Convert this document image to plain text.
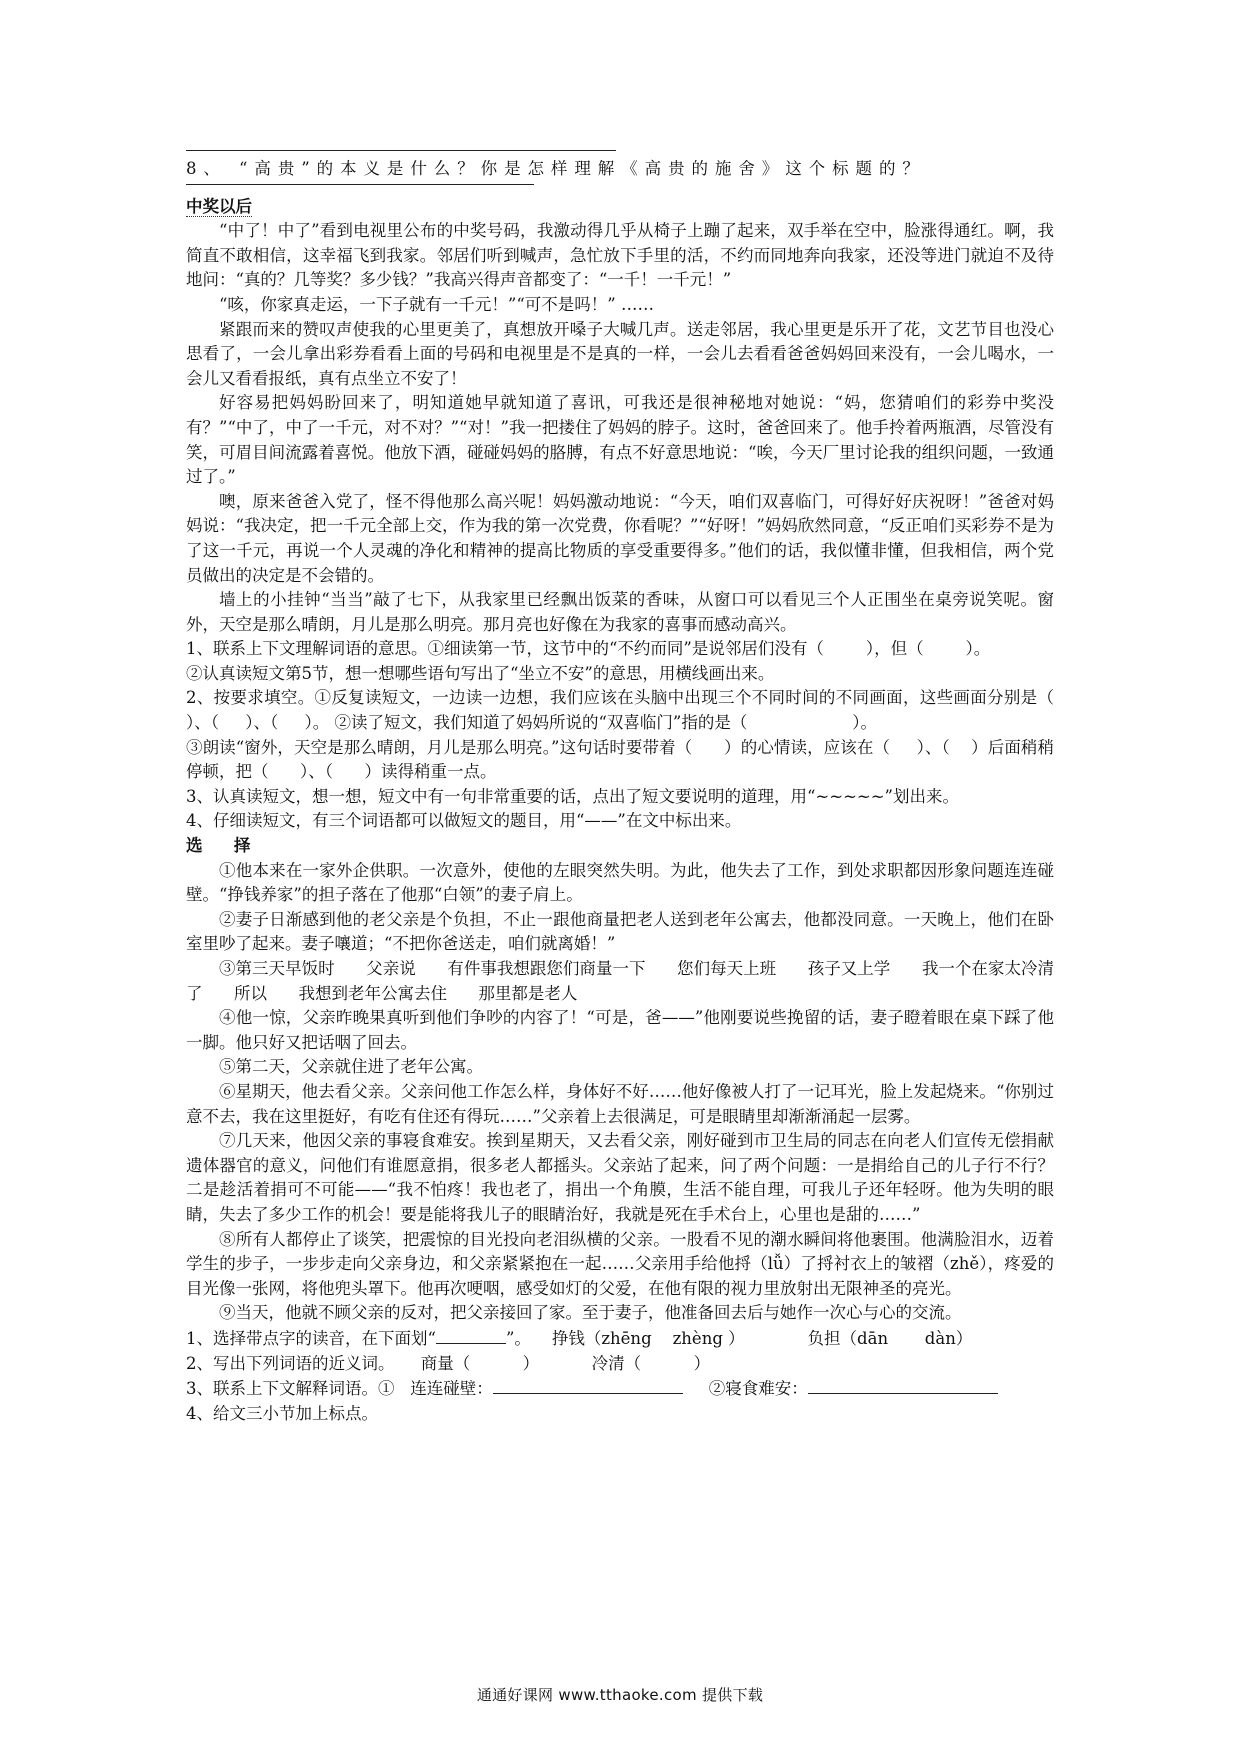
8、 “高贵”的本义是什么？你是怎样理解《高贵的施舍》这个标题的？

中奖以后

“中了！中了”看到电视里公布的中奖号码，我激动得几乎从椅子上蹦了起来，双手举在空中，脸涨得通红。啊，我简直不敢相信，这幸福飞到我家。邻居们听到喊声，急忙放下手里的活，不约而同地奔向我家，还没等进门就迫不及待地问：“真的？几等奖？多少钱？”我高兴得声音都变了：“一千！一千元！”

“咳，你家真走运，一下子就有一千元！”“可不是吗！” ……

紧跟而来的赞叹声使我的心里更美了，真想放开嗓子大喊几声。送走邻居，我心里更是乐开了花，文艺节目也没心思看了，一会儿拿出彩券看看上面的号码和电视里是不是真的一样，一会儿去看看爸爸妈妈回来没有，一会儿喝水，一会儿又看看报纸，真有点坐立不安了！

好容易把妈妈盼回来了，明知道她早就知道了喜讯，可我还是很神秘地对她说：“妈，您猜咱们的彩券中奖没有？”“中了，中了一千元，对不对？”“对！”我一把搂住了妈妈的脖子。这时，爸爸回来了。他手拎着两瓶酒，尽管没有笑，可眉目间流露着喜悦。他放下酒，碰碰妈妈的胳膊，有点不好意思地说：“唉，今天厂里讨论我的组织问题，一致通过了。”

噢，原来爸爸入党了，怪不得他那么高兴呢！妈妈激动地说：“今天，咱们双喜临门，可得好好庆祝呀！”爸爸对妈妈说：“我决定，把一千元全部上交，作为我的第一次党费，你看呢？”“好呀！”妈妈欣然同意，“反正咱们买彩券不是为了这一千元，再说一个人灵魂的净化和精神的提高比物质的享受重要得多。”他们的话，我似懂非懂，但我相信，两个党员做出的决定是不会错的。

墙上的小挂钟“当当”敲了七下，从我家里已经飘出饭菜的香味，从窗口可以看见三个人正围坐在桌旁说笑呢。窗外，天空是那么晴朗，月儿是那么明亮。那月亮也好像在为我家的喜事而感动高兴。

1、联系上下文理解词语的意思。①细读第一节，这节中的“不约而同”是说邻居们没有（        ），但（        ）。

②认真读短文第5节，想一想哪些语句写出了“坐立不安”的意思，用横线画出来。

2、按要求填空。①反复读短文，一边读一边想，我们应该在头脑中出现三个不同时间的不同画面，这些画面分别是（    ）、（     ）、（     ）。 ②读了短文，我们知道了妈妈所说的“双喜临门”指的是（                    ）。

③朗读“窗外，天空是那么晴朗，月儿是那么明亮。”这句话时要带着（      ）的心情读，应该在（     ）、（    ）后面稍稍停顿，把（      ）、（      ）读得稍重一点。

3、认真读短文，想一想，短文中有一句非常重要的话，点出了短文要说明的道理，用“~~~~~”划出来。

4、仔细读短文，有三个词语都可以做短文的题目，用“——”在文中标出来。

选择

①他本来在一家外企供职。一次意外，使他的左眼突然失明。为此，他失去了工作，到处求职都因形象问题连连碰壁。“挣钱养家”的担子落在了他那“白领”的妻子肩上。

②妻子日渐感到他的老父亲是个负担，不止一跟他商量把老人送到老年公寓去，他都没同意。一天晚上，他们在卧室里吵了起来。妻子嚷道；“不把你爸送走，咱们就离婚！”

③第三天早饭时      父亲说      有件事我想跟您们商量一下      您们每天上班      孩子又上学      我一个在家太冷清了      所以      我想到老年公寓去住      那里都是老人

④他一惊，父亲昨晚果真听到他们争吵的内容了！“可是，爸——”他刚要说些挽留的话，妻子瞪着眼在桌下踩了他一脚。他只好又把话咽了回去。

⑤第二天，父亲就住进了老年公寓。

⑥星期天，他去看父亲。父亲问他工作怎么样，身体好不好……他好像被人打了一记耳光，脸上发起烧来。“你别过意不去，我在这里挺好，有吃有住还有得玩……”父亲着上去很满足，可是眼睛里却渐渐涌起一层雾。

⑦几天来，他因父亲的事寝食难安。挨到星期天，又去看父亲，刚好碰到市卫生局的同志在向老人们宣传无偿捐献遗体器官的意义，问他们有谁愿意捐，很多老人都摇头。父亲站了起来，问了两个问题：一是捐给自己的儿子行不行？二是趁活着捐可不可能——“我不怕疼！我也老了，捐出一个角膜，生活不能自理，可我儿子还年轻呀。他为失明的眼睛，失去了多少工作的机会！要是能将我儿子的眼睛治好，我就是死在手术台上，心里也是甜的……”

⑧所有人都停止了谈笑，把震惊的目光投向老泪纵横的父亲。一股看不见的潮水瞬间将他裹围。他满脸泪水，迈着学生的步子，一步步走向父亲身边，和父亲紧紧抱在一起……父亲用手给他捋（lǚ）了捋衬衣上的皱褶（zhě），疼爱的目光像一张网，将他兜头罩下。他再次哽咽，感受如灯的父爱，在他有限的视力里放射出无限神圣的亮光。

⑨当天，他就不顾父亲的反对，把父亲接回了家。至于妻子，他准备回去后与她作一次心与心的交流。

1、选择带点字的读音，在下面划“	”。    挣钱（zhēng    zhèng ）            负担（dān       dàn）

2、写出下列词语的近义词。     商量（          ）          冷清（          ）

3、联系上下文解释词语。①   连连碰壁：	②寝食难安：

4、给文三小节加上标点。

通通好课网 www.tthaoke.com 提供下载
